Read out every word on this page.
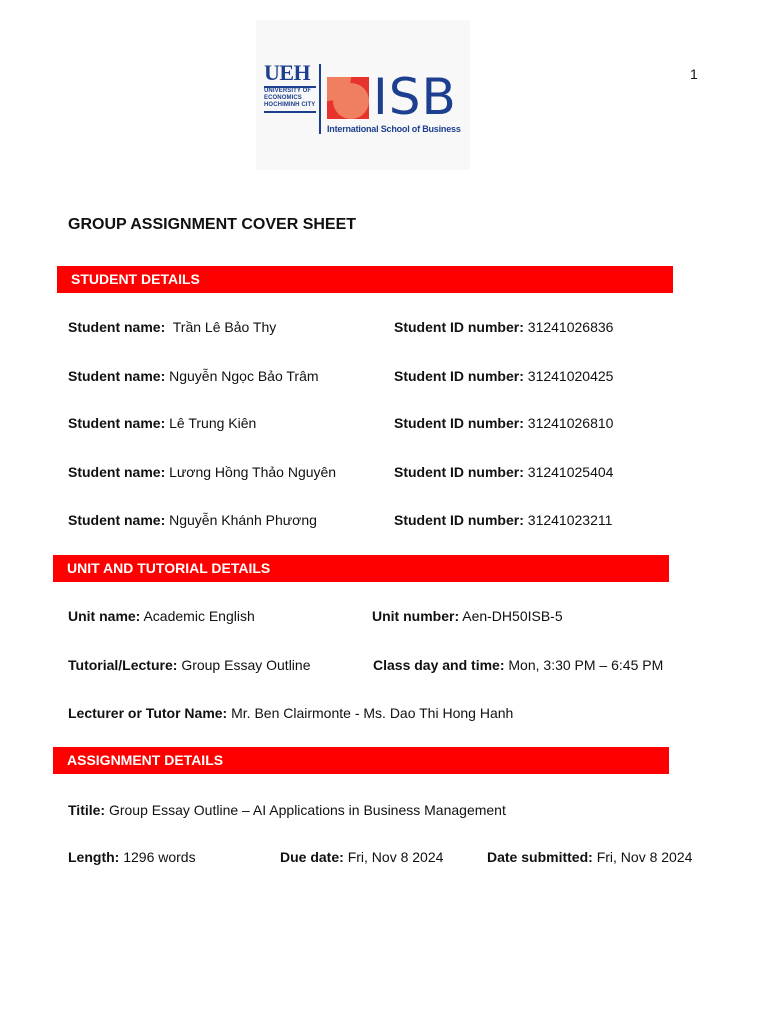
1
UEH
UNIVERSITY OF
ECONOMICS
HOCHIMINH CITY ISB
International School of Business
GROUP ASSIGNMENT COVER SHEET
STUDENT DETAILS
Student name: Trần Lê Bảo Thy	Student ID number: 31241026836
Student name: Nguyễn Ngọc Bảo Trâm	Student ID number: 31241020425
Student name: Lê Trung Kiên	Student ID number: 31241026810
Student name: Lương Hồng Thảo Nguyên	Student ID number: 31241025404
Student name: Nguyễn Khánh Phương	Student ID number: 31241023211
UNIT AND TUTORIAL DETAILS
Unit name: Academic English	Unit number: Aen-DH50ISB-5
Tutorial/Lecture: Group Essay Outline	Class day and time: Mon, 3:30 PM – 6:45 PM
Lecturer or Tutor Name: Mr. Ben Clairmonte - Ms. Dao Thi Hong Hanh
ASSIGNMENT DETAILS
Titile: Group Essay Outline – AI Applications in Business Management
Length: 1296 words	Due date: Fri, Nov 8 2024	Date submitted: Fri, Nov 8 2024
